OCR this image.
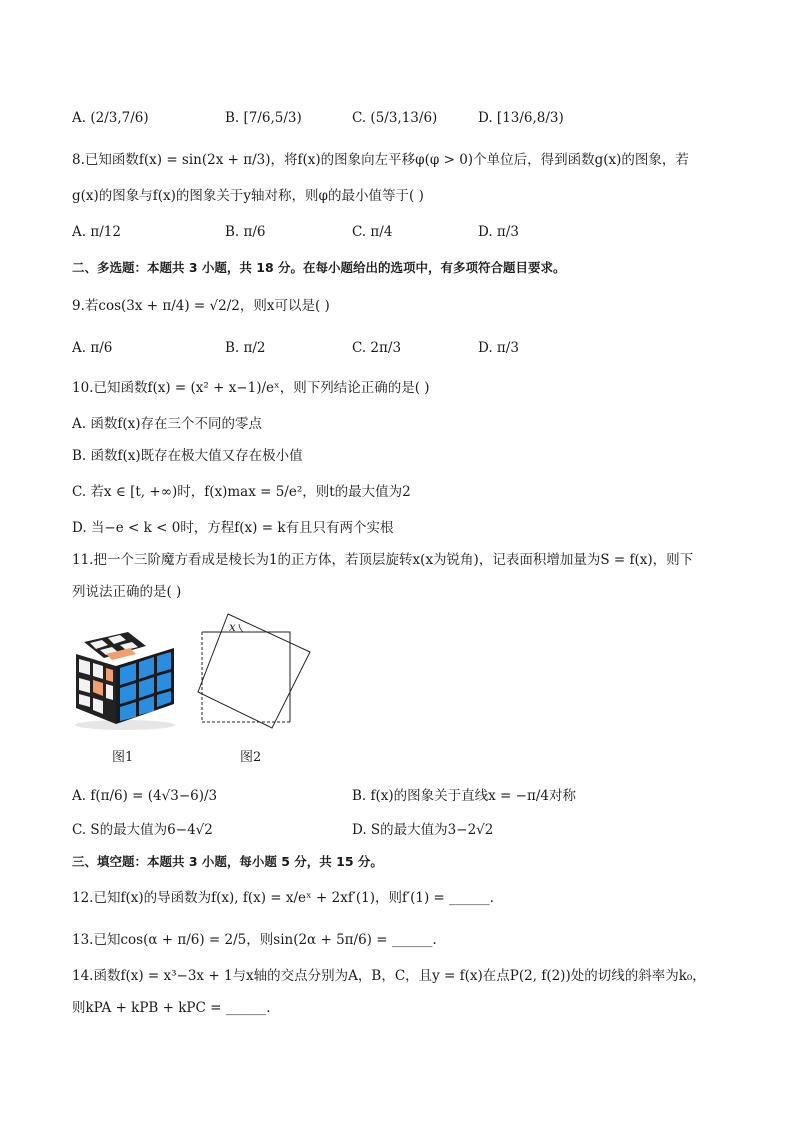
A. (2/3,7/6)	B. [7/6,5/3)	C. (5/3,13/6)	D. [13/6,8/3)
8.已知函数f(x) = sin(2x + π/3)，将f(x)的图象向左平移φ(φ > 0)个单位后，得到函数g(x)的图象，若
g(x)的图象与f(x)的图象关于y轴对称，则φ的最小值等于( )
A. π/12	B. π/6	C. π/4	D. π/3
二、多选题：本题共 3 小题，共 18 分。在每小题给出的选项中，有多项符合题目要求。
9.若cos(3x + π/4) = √2/2，则x可以是( )
A. π/6	B. π/2	C. 2π/3	D. π/3
10.已知函数f(x) = (x² + x−1)/eˣ，则下列结论正确的是( )
A. 函数f(x)存在三个不同的零点
B. 函数f(x)既存在极大值又存在极小值
C. 若x ∈ [t, +∞)时，f(x)max = 5/e²，则t的最大值为2
D. 当−e < k < 0时，方程f(x) = k有且只有两个实根
11.把一个三阶魔方看成是棱长为1的正方体，若顶层旋转x(x为锐角)，记表面积增加量为S = f(x)，则下
列说法正确的是( )
x
图1	图2
A. f(π/6) = (4√3−6)/3	B. f(x)的图象关于直线x = −π/4对称
C. S的最大值为6−4√2	D. S的最大值为3−2√2
三、填空题：本题共 3 小题，每小题 5 分，共 15 分。
12.已知f(x)的导函数为f(x), f(x) = x/eˣ + 2xf′(1)，则f′(1) = ______.
13.已知cos(α + π/6) = 2/5，则sin(2α + 5π/6) = ______.
14.函数f(x) = x³−3x + 1与x轴的交点分别为A，B，C，且y = f(x)在点P(2, f(2))处的切线的斜率为k₀，
则kPA + kPB + kPC = ______.
